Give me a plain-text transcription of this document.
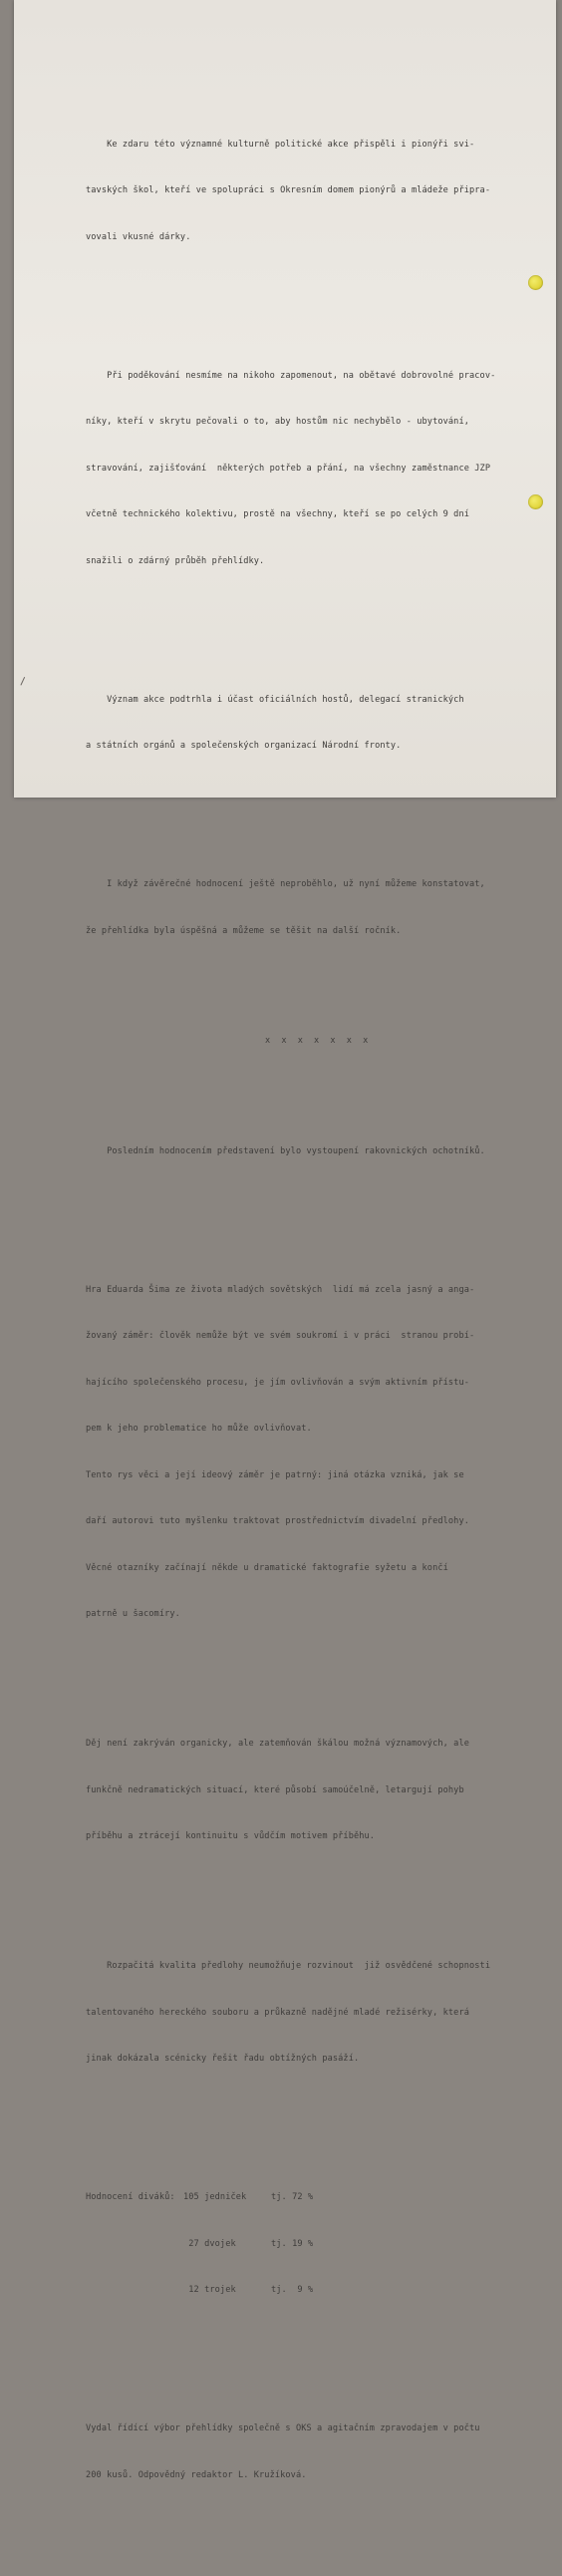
Ke zdaru této významné kulturně politické akce přispěli i pionýři svi-

tavských škol, kteří ve spolupráci s Okresním domem pionýrů a mládeže připra-

vovali vkusné dárky.

Při poděkování nesmíme na nikoho zapomenout, na obětavé dobrovolné pracov-

níky, kteří v skrytu pečovali o to, aby hostům nic nechybělo - ubytování,

stravování, zajišťování  některých potřeb a přání, na všechny zaměstnance JZP

včetně technického kolektivu, prostě na všechny, kteří se po celých 9 dní

snažili o zdárný průběh přehlídky.

Význam akce podtrhla i účast oficiálních hostů, delegací stranických

a státních orgánů a společenských organizací Národní fronty.

I když závěrečné hodnocení ještě neproběhlo, už nyní můžeme konstatovat,

že přehlídka byla úspěšná a můžeme se těšit na další ročník.

x x x x x x x

Posledním hodnocením představení bylo vystoupení rakovnických ochotníků.

Hra Eduarda Šima ze života mladých sovětských  lidí má zcela jasný a anga-

žovaný záměr: člověk nemůže být ve svém soukromí i v práci  stranou probí-

hajícího společenského procesu, je jím ovlivňován a svým aktivním přístu-

pem k jeho problematice ho může ovlivňovat.

Tento rys věci a její ideový záměr je patrný: jiná otázka vzniká, jak se

daří autorovi tuto myšlenku traktovat prostřednictvím divadelní předlohy.

Věcné otazníky začínají někde u dramatické faktografie syžetu a končí

patrně u šacomíry.

Děj není zakrýván organicky, ale zatemňován škálou možná významových, ale

funkčně nedramatických situací, které působí samoúčelně, letargují pohyb

příběhu a ztrácejí kontinuitu s vůdčím motivem příběhu.

Rozpačitá kvalita předlohy neumožňuje rozvinout  již osvědčené schopnosti

talentovaného hereckého souboru a průkazně nadějné mladé režisérky, která

jinak dokázala scénicky řešit řadu obtížných pasáží.

Hodnocení diváků: 105 jedniček	tj. 72 %

27 dvojek	tj. 19 %

12 trojek	tj.  9 %

Vydal řídící výbor přehlídky společně s OKS a agitačním zpravodajem v počtu

200 kusů. Odpovědný redaktor L. Kružíková.
